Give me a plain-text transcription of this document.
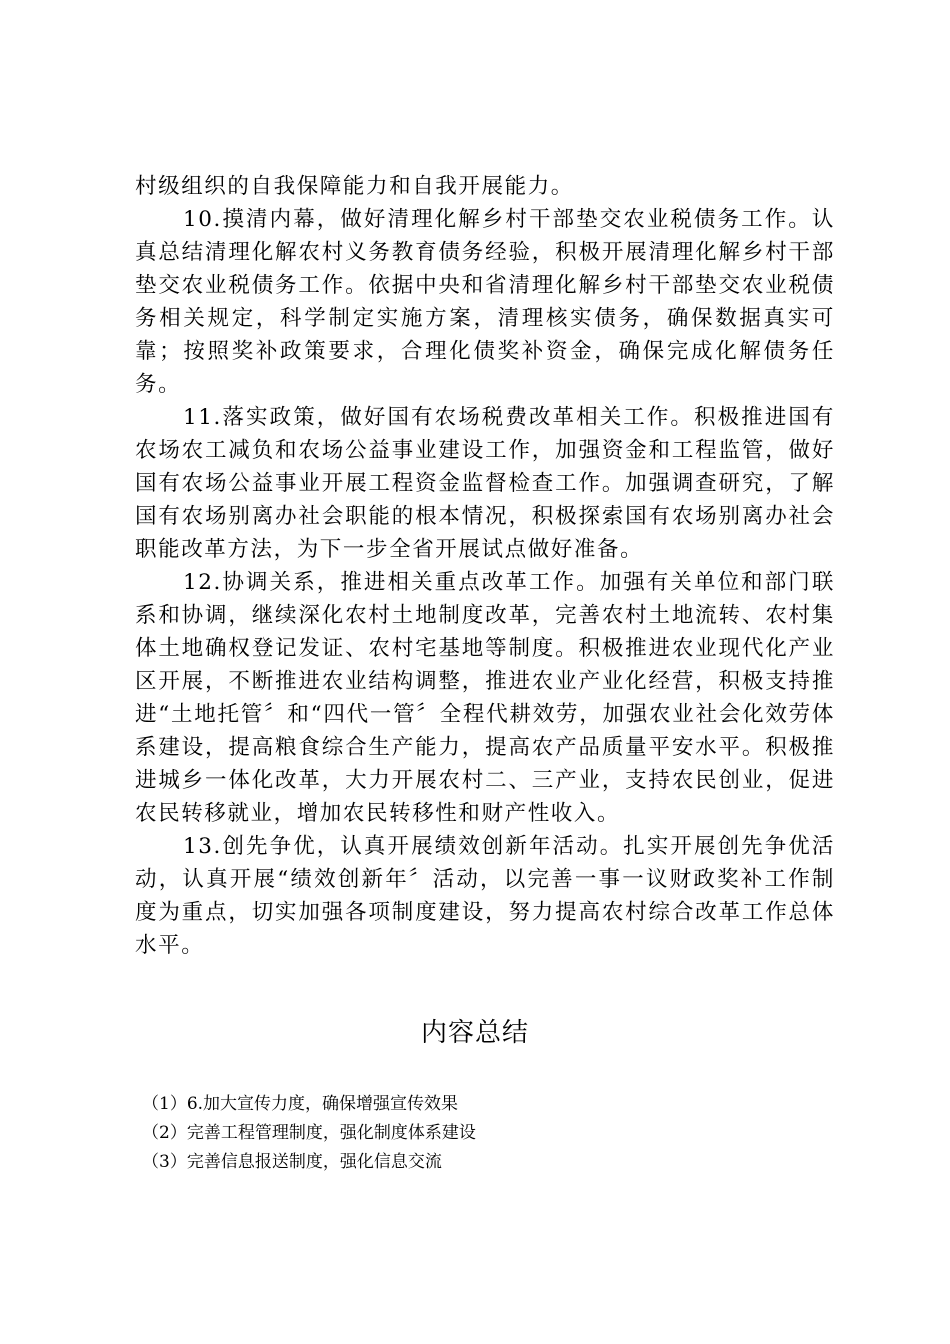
村级组织的自我保障能力和自我开展能力。

10.摸清内幕，做好清理化解乡村干部垫交农业税债务工作。认真总结清理化解农村义务教育债务经验，积极开展清理化解乡村干部垫交农业税债务工作。依据中央和省清理化解乡村干部垫交农业税债务相关规定，科学制定实施方案，清理核实债务，确保数据真实可靠；按照奖补政策要求，合理化债奖补资金，确保完成化解债务任务。

11.落实政策，做好国有农场税费改革相关工作。积极推进国有农场农工减负和农场公益事业建设工作，加强资金和工程监管，做好国有农场公益事业开展工程资金监督检查工作。加强调查研究，了解国有农场别离办社会职能的根本情况，积极探索国有农场别离办社会职能改革方法，为下一步全省开展试点做好准备。

12.协调关系，推进相关重点改革工作。加强有关单位和部门联系和协调，继续深化农村土地制度改革，完善农村土地流转、农村集体土地确权登记发证、农村宅基地等制度。积极推进农业现代化产业区开展，不断推进农业结构调整，推进农业产业化经营，积极支持推进“土地托管〞和“四代一管〞全程代耕效劳，加强农业社会化效劳体系建设，提高粮食综合生产能力，提高农产品质量平安水平。积极推进城乡一体化改革，大力开展农村二、三产业，支持农民创业，促进农民转移就业，增加农民转移性和财产性收入。

13.创先争优，认真开展绩效创新年活动。扎实开展创先争优活动，认真开展“绩效创新年〞活动，以完善一事一议财政奖补工作制度为重点，切实加强各项制度建设，努力提高农村综合改革工作总体水平。

内容总结
（1）6.加大宣传力度，确保增强宣传效果
（2）完善工程管理制度，强化制度体系建设
（3）完善信息报送制度，强化信息交流
